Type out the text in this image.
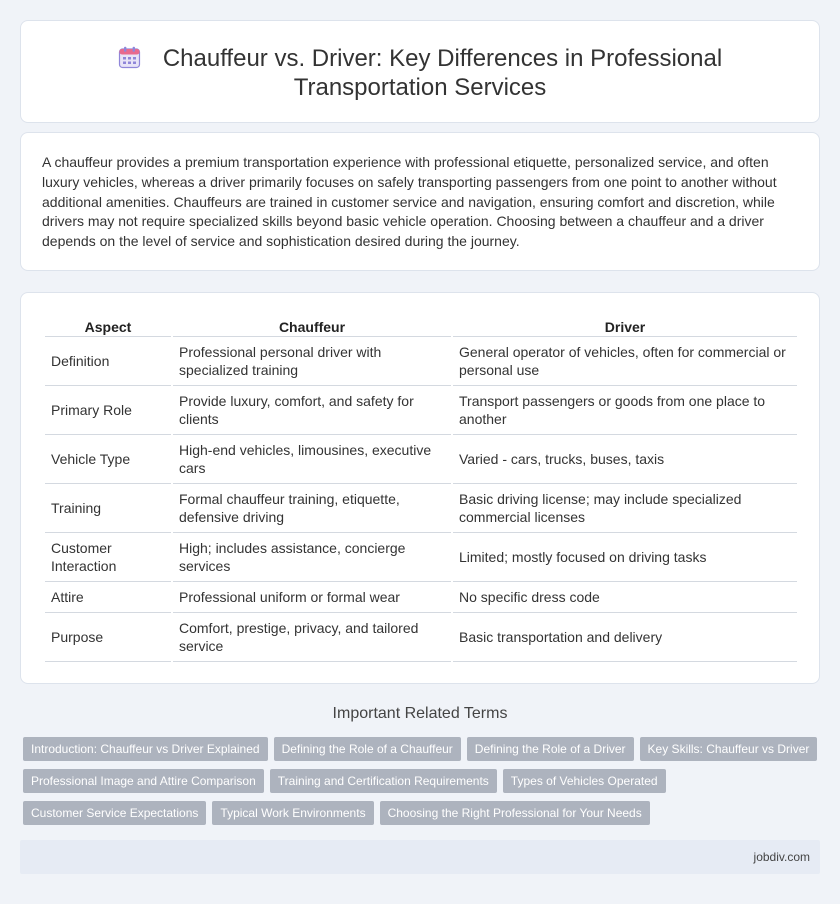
Chauffeur vs. Driver: Key Differences in Professional
Transportation Services

A chauffeur provides a premium transportation experience with professional etiquette, personalized service, and often luxury vehicles, whereas a driver primarily focuses on safely transporting passengers from one point to another without additional amenities. Chauffeurs are trained in customer service and navigation, ensuring comfort and discretion, while drivers may not require specialized skills beyond basic vehicle operation. Choosing between a chauffeur and a driver depends on the level of service and sophistication desired during the journey.

Aspect	Chauffeur	Driver
Definition	Professional personal driver with specialized training	General operator of vehicles, often for commercial or personal use
Primary Role	Provide luxury, comfort, and safety for clients	Transport passengers or goods from one place to another
Vehicle Type	High-end vehicles, limousines, executive cars	Varied - cars, trucks, buses, taxis
Training	Formal chauffeur training, etiquette, defensive driving	Basic driving license; may include specialized commercial licenses
Customer Interaction	High; includes assistance, concierge services	Limited; mostly focused on driving tasks
Attire	Professional uniform or formal wear	No specific dress code
Purpose	Comfort, prestige, privacy, and tailored service	Basic transportation and delivery
Important Related Terms
Introduction: Chauffeur vs Driver Explained	Defining the Role of a Chauffeur	Defining the Role of a Driver	Key Skills: Chauffeur vs Driver
Professional Image and Attire Comparison	Training and Certification Requirements	Types of Vehicles Operated
Customer Service Expectations	Typical Work Environments	Choosing the Right Professional for Your Needs
jobdiv.com
